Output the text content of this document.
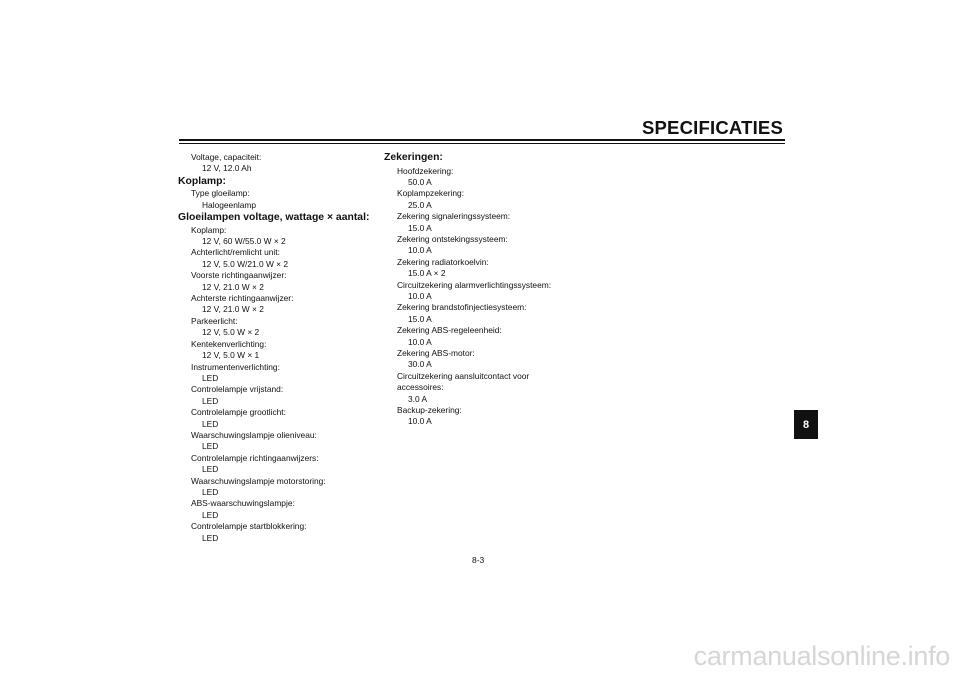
SPECIFICATIES
Voltage, capaciteit:
12 V, 12.0 Ah
Koplamp:
Type gloeilamp:
Halogeenlamp
Gloeilampen voltage, wattage × aantal:
Koplamp:
12 V, 60 W/55.0 W × 2
Achterlicht/remlicht unit:
12 V, 5.0 W/21.0 W × 2
Voorste richtingaanwijzer:
12 V, 21.0 W × 2
Achterste richtingaanwijzer:
12 V, 21.0 W × 2
Parkeerlicht:
12 V, 5.0 W × 2
Kentekenverlichting:
12 V, 5.0 W × 1
Instrumentenverlichting:
LED
Controlelampje vrijstand:
LED
Controlelampje grootlicht:
LED
Waarschuwingslampje olieniveau:
LED
Controlelampje richtingaanwijzers:
LED
Waarschuwingslampje motorstoring:
LED
ABS-waarschuwingslampje:
LED
Controlelampje startblokkering:
LED
Zekeringen:
Hoofdzekering:
50.0 A
Koplampzekering:
25.0 A
Zekering signaleringssysteem:
15.0 A
Zekering ontstekingssysteem:
10.0 A
Zekering radiatorkoelvin:
15.0 A × 2
Circuitzekering alarmverlichtingssysteem:
10.0 A
Zekering brandstofinjectiesysteem:
15.0 A
Zekering ABS-regeleenheid:
10.0 A
Zekering ABS-motor:
30.0 A
Circuitzekering aansluitcontact voor
accessoires:
3.0 A
Backup-zekering:
10.0 A	8
8-3
carmanualsonline.info
